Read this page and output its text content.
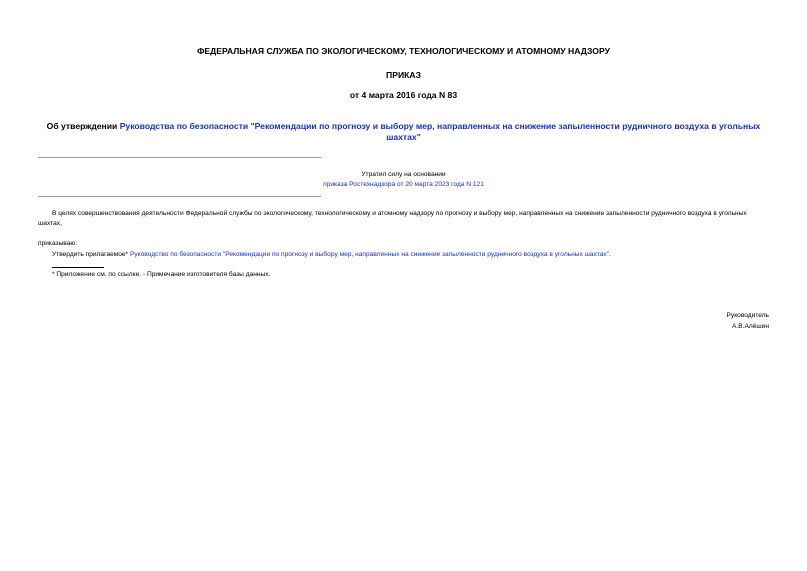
ФЕДЕРАЛЬНАЯ СЛУЖБА ПО ЭКОЛОГИЧЕСКОМУ, ТЕХНОЛОГИЧЕСКОМУ И АТОМНОМУ НАДЗОРУ
ПРИКАЗ
от 4 марта 2016 года N 83
Об утверждении Руководства по безопасности "Рекомендации по прогнозу и выбору мер, направленных на снижение запыленности рудничного воздуха в угольных шахтах"
Утратил силу на основании
приказа Ростехнадзора от 20 марта 2023 года N 121
В целях совершенствования деятельности Федеральной службы по экологическому, технологическому и атомному надзору по прогнозу и выбору мер, направленных на снижение запыленности рудничного воздуха в угольных шахтах,
приказываю:
Утвердить прилагаемое* Руководство по безопасности "Рекомендации по прогнозу и выбору мер, направленных на снижение запыленности рудничного воздуха в угольных шахтах".
* Приложение см. по ссылке. - Примечание изготовителя базы данных.
Руководитель
А.В.Алёшин
